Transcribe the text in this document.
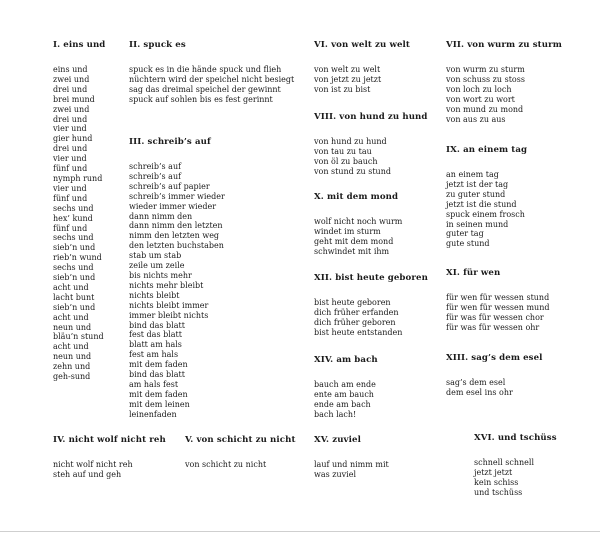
I. eins und
eins und
zwei und
drei und
brei mund
zwei und
drei und
vier und
gier hund
drei und
vier und
fünf und
nymph rund
vier und
fünf und
sechs und
hex’ kund
fünf und
sechs und
sieb’n und
rieb’n wund
sechs und
sieb’n und
acht und
lacht bunt
sieb’n und
acht und
neun und
bläu’n stund
acht und
neun und
zehn und
geh-sund
II. spuck es
spuck es in die hände spuck und flieh
nüchtern wird der speichel nicht besiegt
sag das dreimal speichel der gewinnt
spuck auf sohlen bis es fest gerinnt
III. schreib’s auf
schreib’s auf
schreib’s auf
schreib’s auf papier
schreib’s immer wieder
wieder immer wieder
dann nimm den
dann nimm den letzten
nimm den letzten weg
den letzten buchstaben
stab um stab
zeile um zeile
bis nichts mehr
nichts mehr bleibt
nichts bleibt
nichts bleibt immer
immer bleibt nichts
bind das blatt
fest das blatt
blatt am hals
fest am hals
mit dem faden
bind das blatt
am hals fest
mit dem faden
mit dem leinen
leinenfaden
IV. nicht wolf nicht reh
nicht wolf nicht reh
steh auf und geh
V. von schicht zu nicht
von schicht zu nicht
VI. von welt zu welt
von welt zu welt
von jetzt zu jetzt
von ist zu bist
VIII. von hund zu hund
von hund zu hund
von tau zu tau
von öl zu bauch
von stund zu stund
X. mit dem mond
wolf nicht noch wurm
windet im sturm
geht mit dem mond
schwindet mit ihm
XII. bist heute geboren
bist heute geboren
dich früher erfanden
dich früher geboren
bist heute entstanden
XIV. am bach
bauch am ende
ente am bauch
ende am bach
bach lach!
XV. zuviel
lauf und nimm mit
was zuviel
VII. von wurm zu sturm
von wurm zu sturm
von schuss zu stoss
von loch zu loch
von wort zu wort
von mund zu mond
von aus zu aus
IX. an einem tag
an einem tag
jetzt ist der tag
zu guter stund
jetzt ist die stund
spuck einem frosch
in seinen mund
guter tag
gute stund
XI. für wen
für wen für wessen stund
für wen für wessen mund
für was für wessen chor
für was für wessen ohr
XIII. sag’s dem esel
sag’s dem esel
dem esel ins ohr
XVI. und tschüss
schnell schnell
jetzt jetzt
kein schiss
und tschüss
